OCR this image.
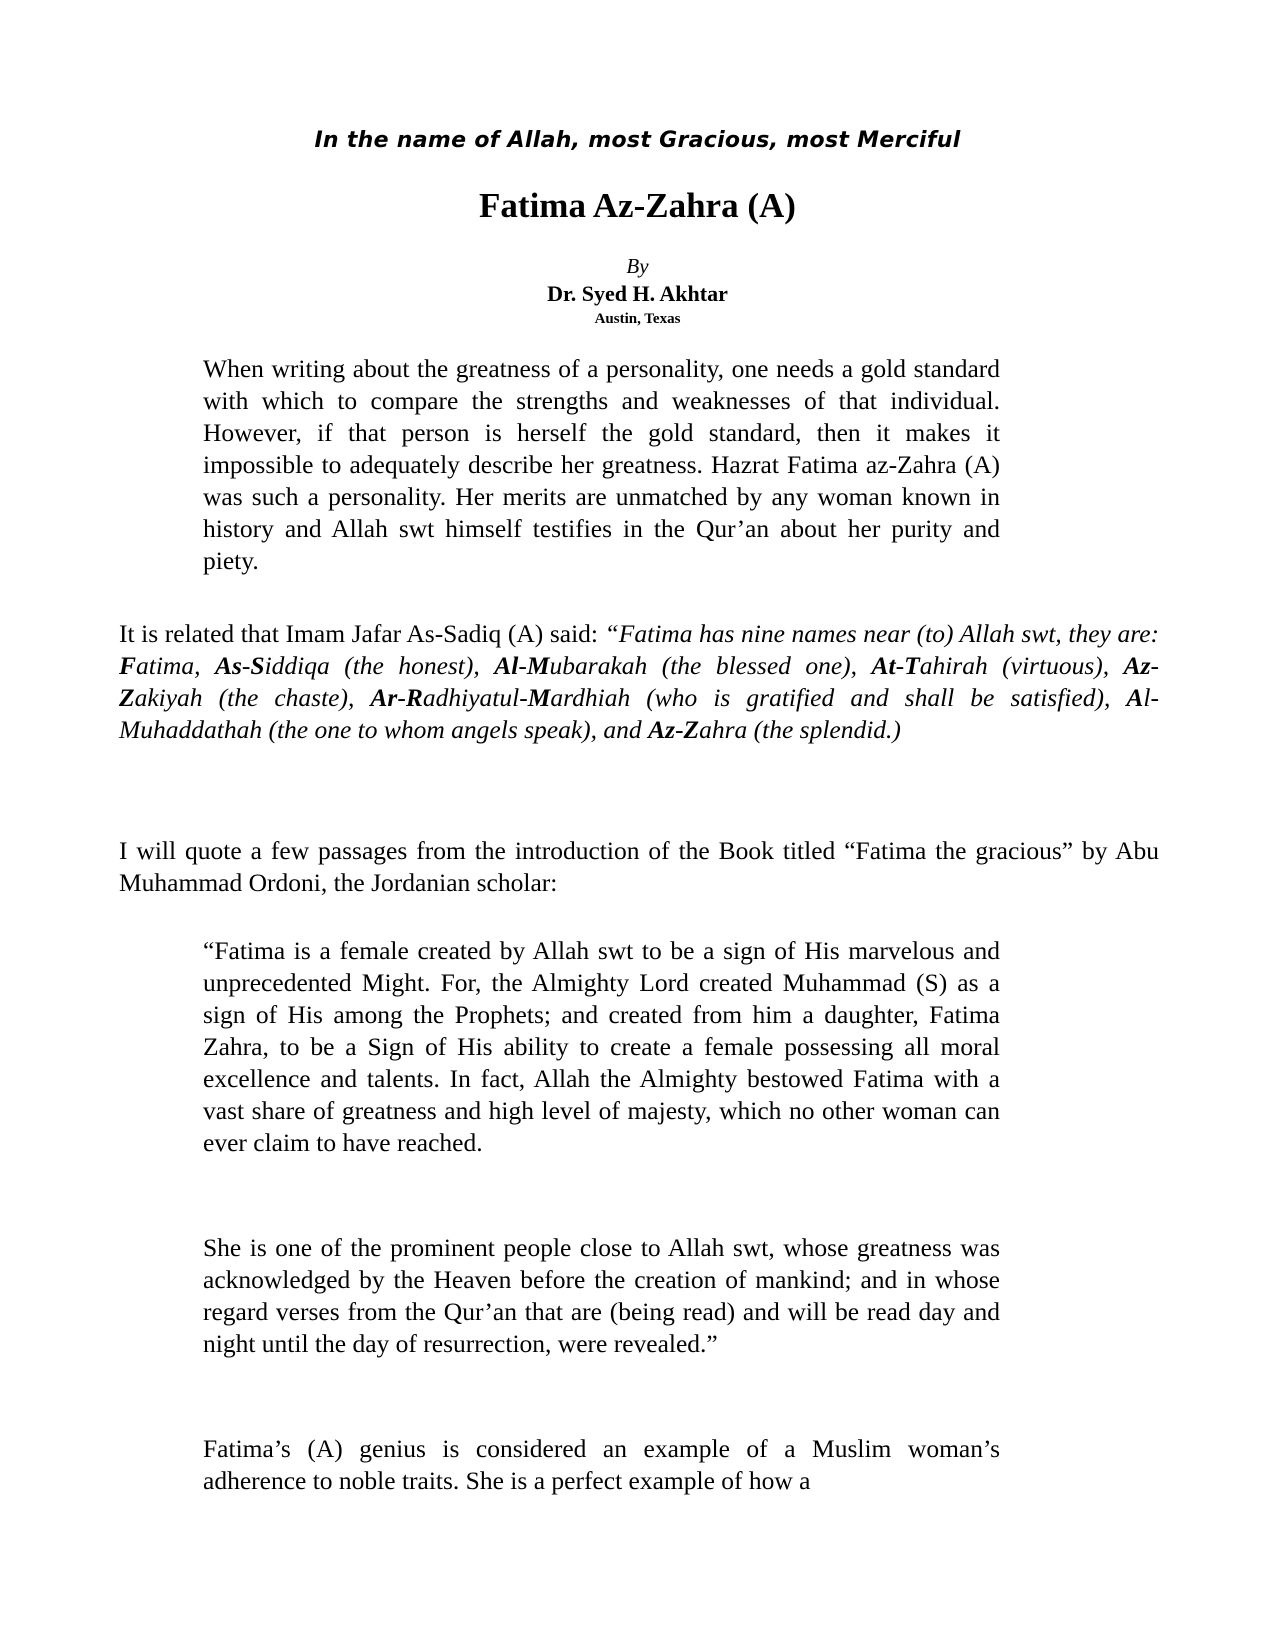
In the name of Allah, most Gracious, most Merciful
Fatima Az-Zahra (A)
By
Dr. Syed H. Akhtar
Austin, Texas

When writing about the greatness of a personality, one needs a gold standard with which to compare the strengths and weaknesses of that individual. However, if that person is herself the gold standard, then it makes it impossible to adequately describe her greatness. Hazrat Fatima az-Zahra (A) was such a personality. Her merits are unmatched by any woman known in history and Allah swt himself testifies in the Qur’an about her purity and piety.

It is related that Imam Jafar As-Sadiq (A) said: “Fatima has nine names near (to) Allah swt, they are: Fatima, As-Siddiqa (the honest), Al-Mubarakah (the blessed one), At-Tahirah (virtuous), Az-Zakiyah (the chaste), Ar-Radhiyatul-Mardhiah (who is gratified and shall be satisfied), Al-Muhaddathah (the one to whom angels speak), and Az-Zahra (the splendid.)

I will quote a few passages from the introduction of the Book titled “Fatima the gracious” by Abu Muhammad Ordoni, the Jordanian scholar:

“Fatima is a female created by Allah swt to be a sign of His marvelous and unprecedented Might. For, the Almighty Lord created Muhammad (S) as a sign of His among the Prophets; and created from him a daughter, Fatima Zahra, to be a Sign of His ability to create a female possessing all moral excellence and talents. In fact, Allah the Almighty bestowed Fatima with a vast share of greatness and high level of majesty, which no other woman can ever claim to have reached.

She is one of the prominent people close to Allah swt, whose greatness was acknowledged by the Heaven before the creation of mankind; and in whose regard verses from the Qur’an that are (being read) and will be read day and night until the day of resurrection, were revealed.”

Fatima’s (A) genius is considered an example of a Muslim woman’s adherence to noble traits. She is a perfect example of how a
